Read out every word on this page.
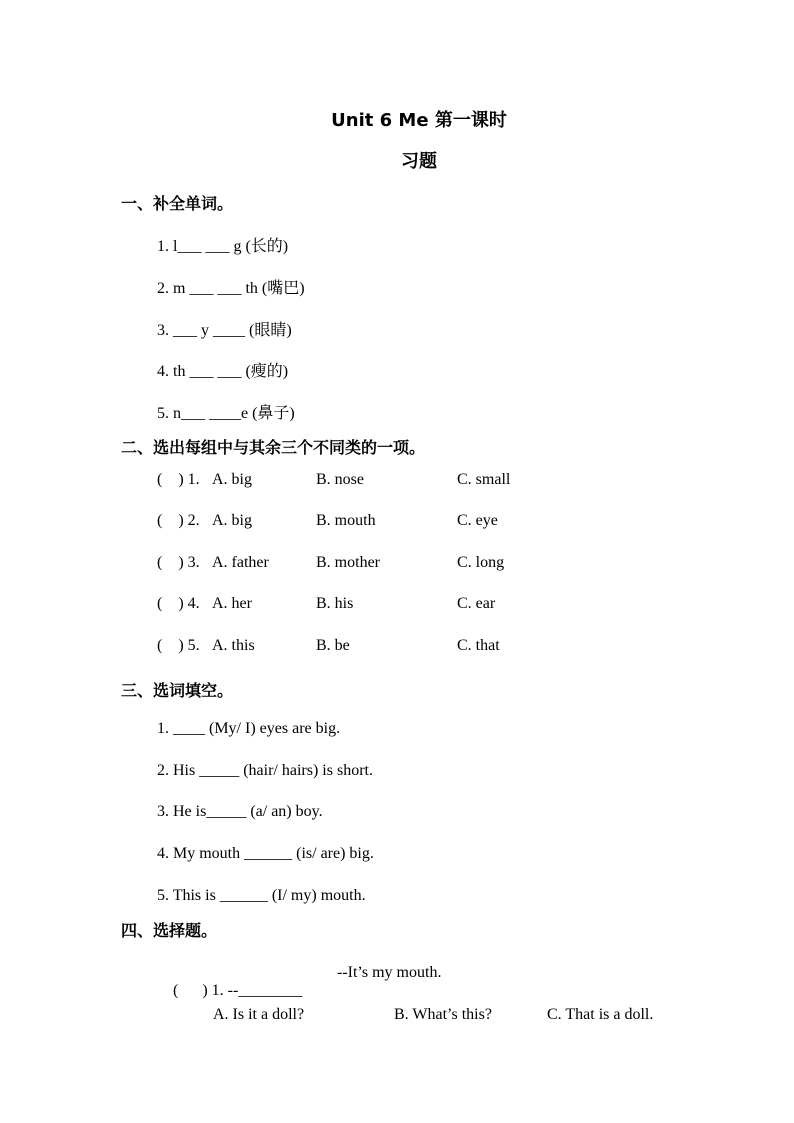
Unit 6 Me 第一课时
习题
一、补全单词。
1. l___ ___ g (长的)
2. m ___ ___ th (嘴巴)
3. ___ y ____ (眼睛)
4. th ___ ___ (瘦的)
5. n___ ____e (鼻子)
二、选出每组中与其余三个不同类的一项。
(    ) 1. A. big	B. nose	C. small
(    ) 2. A. big	B. mouth	C. eye
(    ) 3. A. father	B. mother	C. long
(    ) 4. A. her	B. his	C. ear
(    ) 5. A. this	B. be	C. that
三、选词填空。
1. ____ (My/ I) eyes are big.
2. His _____ (hair/ hairs) is short.
3. He is_____ (a/ an) boy.
4. My mouth ______ (is/ are) big.
5. This is ______ (I/ my) mouth.
四、选择题。

(      ) 1. --________

--It’s my mouth.

A. Is it a doll?	B. What’s this?	C. That is a doll.
